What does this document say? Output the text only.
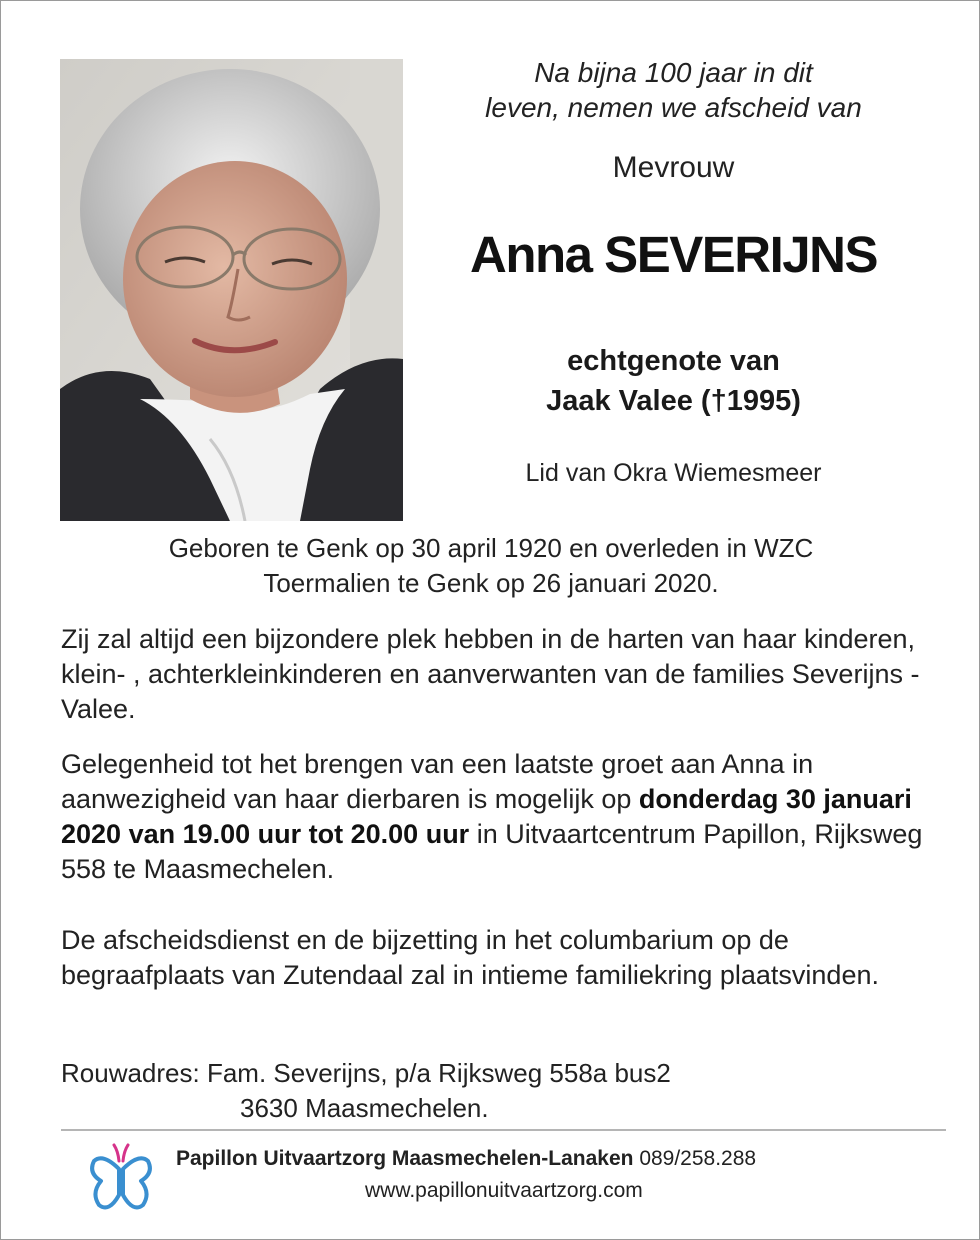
Na bijna 100 jaar in dit
leven, nemen we afscheid van
Mevrouw
Anna SEVERIJNS
echtgenote van
Jaak Valee (†1995)
Lid van Okra Wiemesmeer
Geboren te Genk op 30 april 1920 en overleden in WZC
Toermalien te Genk op 26 januari 2020.
Zij zal altijd een bijzondere plek hebben in de harten van haar kinderen, klein- , achterkleinkinderen en aanverwanten van de families Severijns - Valee.
Gelegenheid tot het brengen van een laatste groet aan Anna in aanwezigheid van haar dierbaren is mogelijk op donderdag 30 januari 2020 van 19.00 uur tot 20.00 uur in Uitvaartcentrum Papillon, Rijksweg 558 te Maasmechelen.
De afscheidsdienst en de bijzetting in het columbarium op de begraafplaats van Zutendaal zal in intieme familiekring plaatsvinden.
Rouwadres: Fam. Severijns, p/a Rijksweg 558a bus2
3630 Maasmechelen.
Papillon Uitvaartzorg Maasmechelen-Lanaken 089/258.288
www.papillonuitvaartzorg.com
